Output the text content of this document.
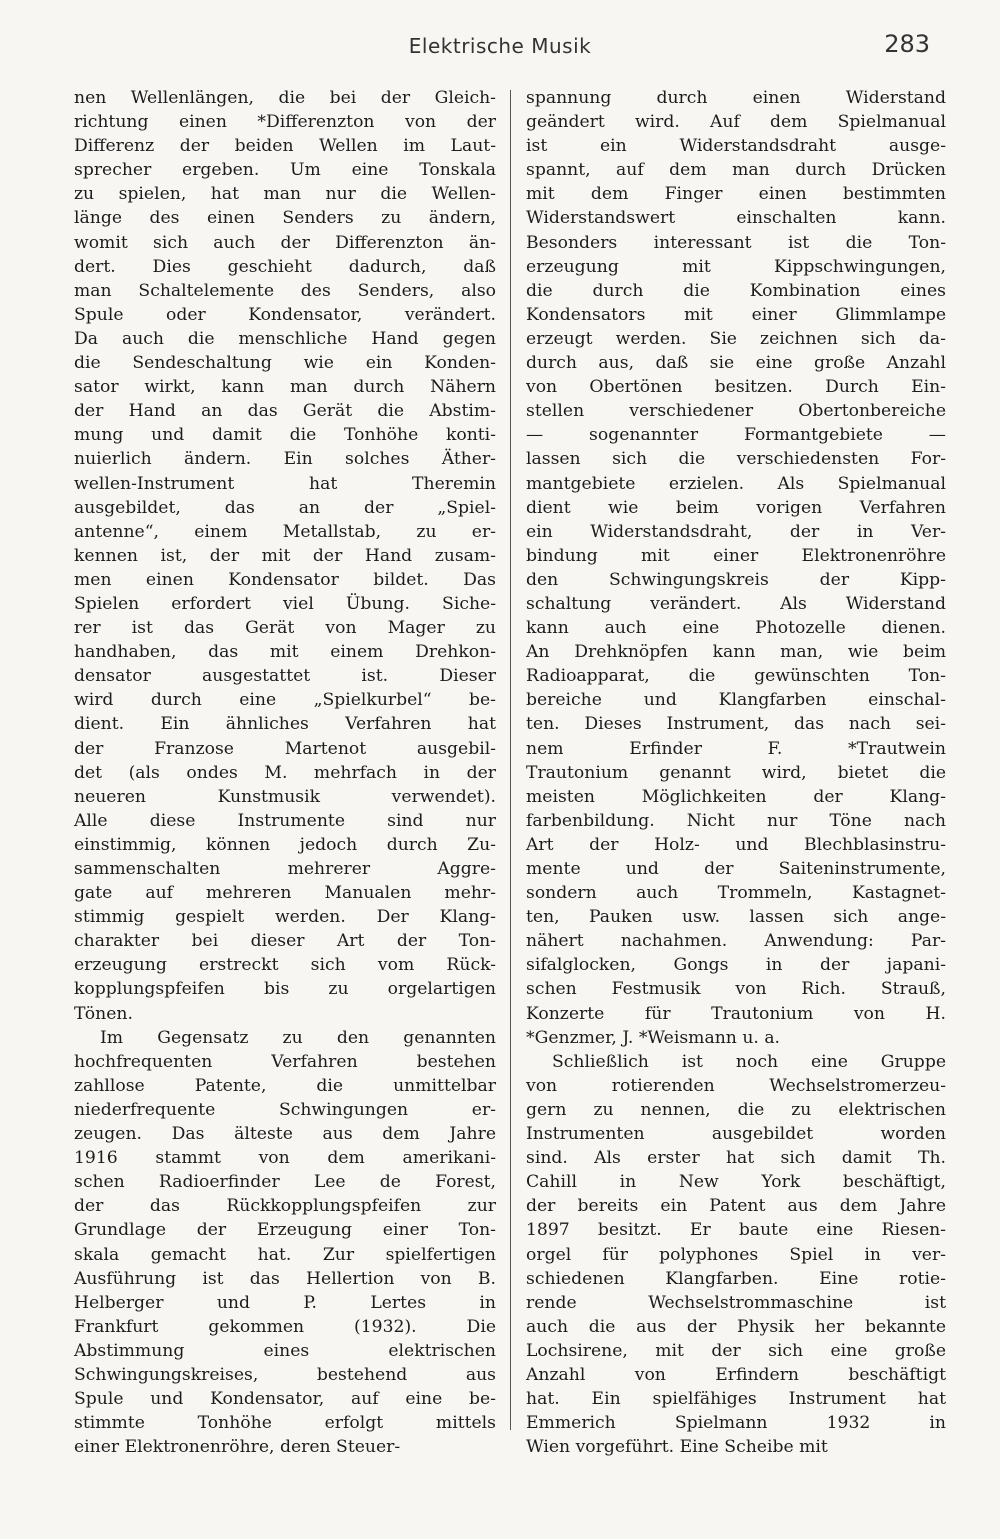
Elektrische Musik	283
nen Wellenlängen, die bei der Gleich-
richtung einen *Differenzton von der
Differenz der beiden Wellen im Laut-
sprecher ergeben. Um eine Tonskala
zu spielen, hat man nur die Wellen-
länge des einen Senders zu ändern,
womit sich auch der Differenzton än-
dert. Dies geschieht dadurch, daß
man Schaltelemente des Senders, also
Spule oder Kondensator, verändert.
Da auch die menschliche Hand gegen
die Sendeschaltung wie ein Konden-
sator wirkt, kann man durch Nähern
der Hand an das Gerät die Abstim-
mung und damit die Tonhöhe konti-
nuierlich ändern. Ein solches Äther-
wellen-Instrument hat Theremin
ausgebildet, das an der „Spiel-
antenne“, einem Metallstab, zu er-
kennen ist, der mit der Hand zusam-
men einen Kondensator bildet. Das
Spielen erfordert viel Übung. Siche-
rer ist das Gerät von Mager zu
handhaben, das mit einem Drehkon-
densator ausgestattet ist. Dieser
wird durch eine „Spielkurbel“ be-
dient. Ein ähnliches Verfahren hat
der Franzose Martenot ausgebil-
det (als ondes M. mehrfach in der
neueren Kunstmusik verwendet).
Alle diese Instrumente sind nur
einstimmig, können jedoch durch Zu-
sammenschalten mehrerer Aggre-
gate auf mehreren Manualen mehr-
stimmig gespielt werden. Der Klang-
charakter bei dieser Art der Ton-
erzeugung erstreckt sich vom Rück-
kopplungspfeifen bis zu orgelartigen
Tönen.
Im Gegensatz zu den genannten
hochfrequenten Verfahren bestehen
zahllose Patente, die unmittelbar
niederfrequente Schwingungen er-
zeugen. Das älteste aus dem Jahre
1916 stammt von dem amerikani-
schen Radioerfinder Lee de Forest,
der das Rückkopplungspfeifen zur
Grundlage der Erzeugung einer Ton-
skala gemacht hat. Zur spielfertigen
Ausführung ist das Hellertion von B.
Helberger und P. Lertes in
Frankfurt gekommen (1932). Die
Abstimmung eines elektrischen
Schwingungskreises, bestehend aus
Spule und Kondensator, auf eine be-
stimmte Tonhöhe erfolgt mittels
einer Elektronenröhre, deren Steuer-
spannung durch einen Widerstand
geändert wird. Auf dem Spielmanual
ist ein Widerstandsdraht ausge-
spannt, auf dem man durch Drücken
mit dem Finger einen bestimmten
Widerstandswert einschalten kann.
Besonders interessant ist die Ton-
erzeugung mit Kippschwingungen,
die durch die Kombination eines
Kondensators mit einer Glimmlampe
erzeugt werden. Sie zeichnen sich da-
durch aus, daß sie eine große Anzahl
von Obertönen besitzen. Durch Ein-
stellen verschiedener Obertonbereiche
— sogenannter Formantgebiete —
lassen sich die verschiedensten For-
mantgebiete erzielen. Als Spielmanual
dient wie beim vorigen Verfahren
ein Widerstandsdraht, der in Ver-
bindung mit einer Elektronenröhre
den Schwingungskreis der Kipp-
schaltung verändert. Als Widerstand
kann auch eine Photozelle dienen.
An Drehknöpfen kann man, wie beim
Radioapparat, die gewünschten Ton-
bereiche und Klangfarben einschal-
ten. Dieses Instrument, das nach sei-
nem Erfinder F. *Trautwein
Trautonium genannt wird, bietet die
meisten Möglichkeiten der Klang-
farbenbildung. Nicht nur Töne nach
Art der Holz- und Blechblasinstru-
mente und der Saiteninstrumente,
sondern auch Trommeln, Kastagnet-
ten, Pauken usw. lassen sich ange-
nähert nachahmen. Anwendung: Par-
sifalglocken, Gongs in der japani-
schen Festmusik von Rich. Strauß,
Konzerte für Trautonium von H.
*Genzmer, J. *Weismann u. a.
Schließlich ist noch eine Gruppe
von rotierenden Wechselstromerzeu-
gern zu nennen, die zu elektrischen
Instrumenten ausgebildet worden
sind. Als erster hat sich damit Th.
Cahill in New York beschäftigt,
der bereits ein Patent aus dem Jahre
1897 besitzt. Er baute eine Riesen-
orgel für polyphones Spiel in ver-
schiedenen Klangfarben. Eine rotie-
rende Wechselstrommaschine ist
auch die aus der Physik her bekannte
Lochsirene, mit der sich eine große
Anzahl von Erfindern beschäftigt
hat. Ein spielfähiges Instrument hat
Emmerich Spielmann 1932 in
Wien vorgeführt. Eine Scheibe mit
